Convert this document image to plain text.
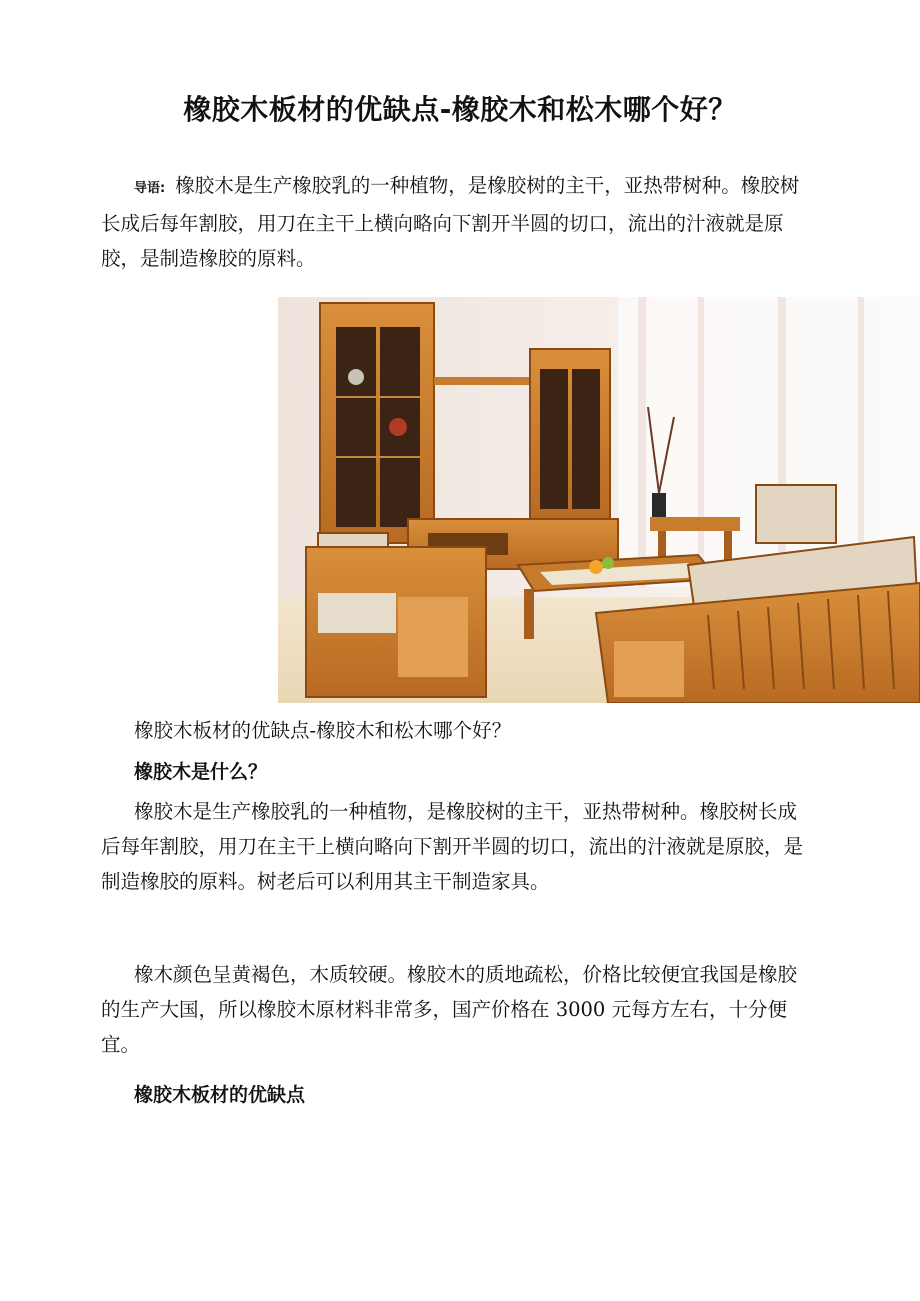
橡胶木板材的优缺点-橡胶木和松木哪个好？

导语: 橡胶木是生产橡胶乳的一种植物，是橡胶树的主干，亚热带树种。橡胶树长成后每年割胶，用刀在主干上横向略向下割开半圆的切口，流出的汁液就是原胶，是制造橡胶的原料。

橡胶木板材的优缺点-橡胶木和松木哪个好？

橡胶木是什么？

橡胶木是生产橡胶乳的一种植物，是橡胶树的主干，亚热带树种。橡胶树长成后每年割胶，用刀在主干上横向略向下割开半圆的切口，流出的汁液就是原胶，是制造橡胶的原料。树老后可以利用其主干制造家具。

橡木颜色呈黄褐色，木质较硬。橡胶木的质地疏松，价格比较便宜我国是橡胶的生产大国，所以橡胶木原材料非常多，国产价格在 3000 元每方左右，十分便宜。

橡胶木板材的优缺点
